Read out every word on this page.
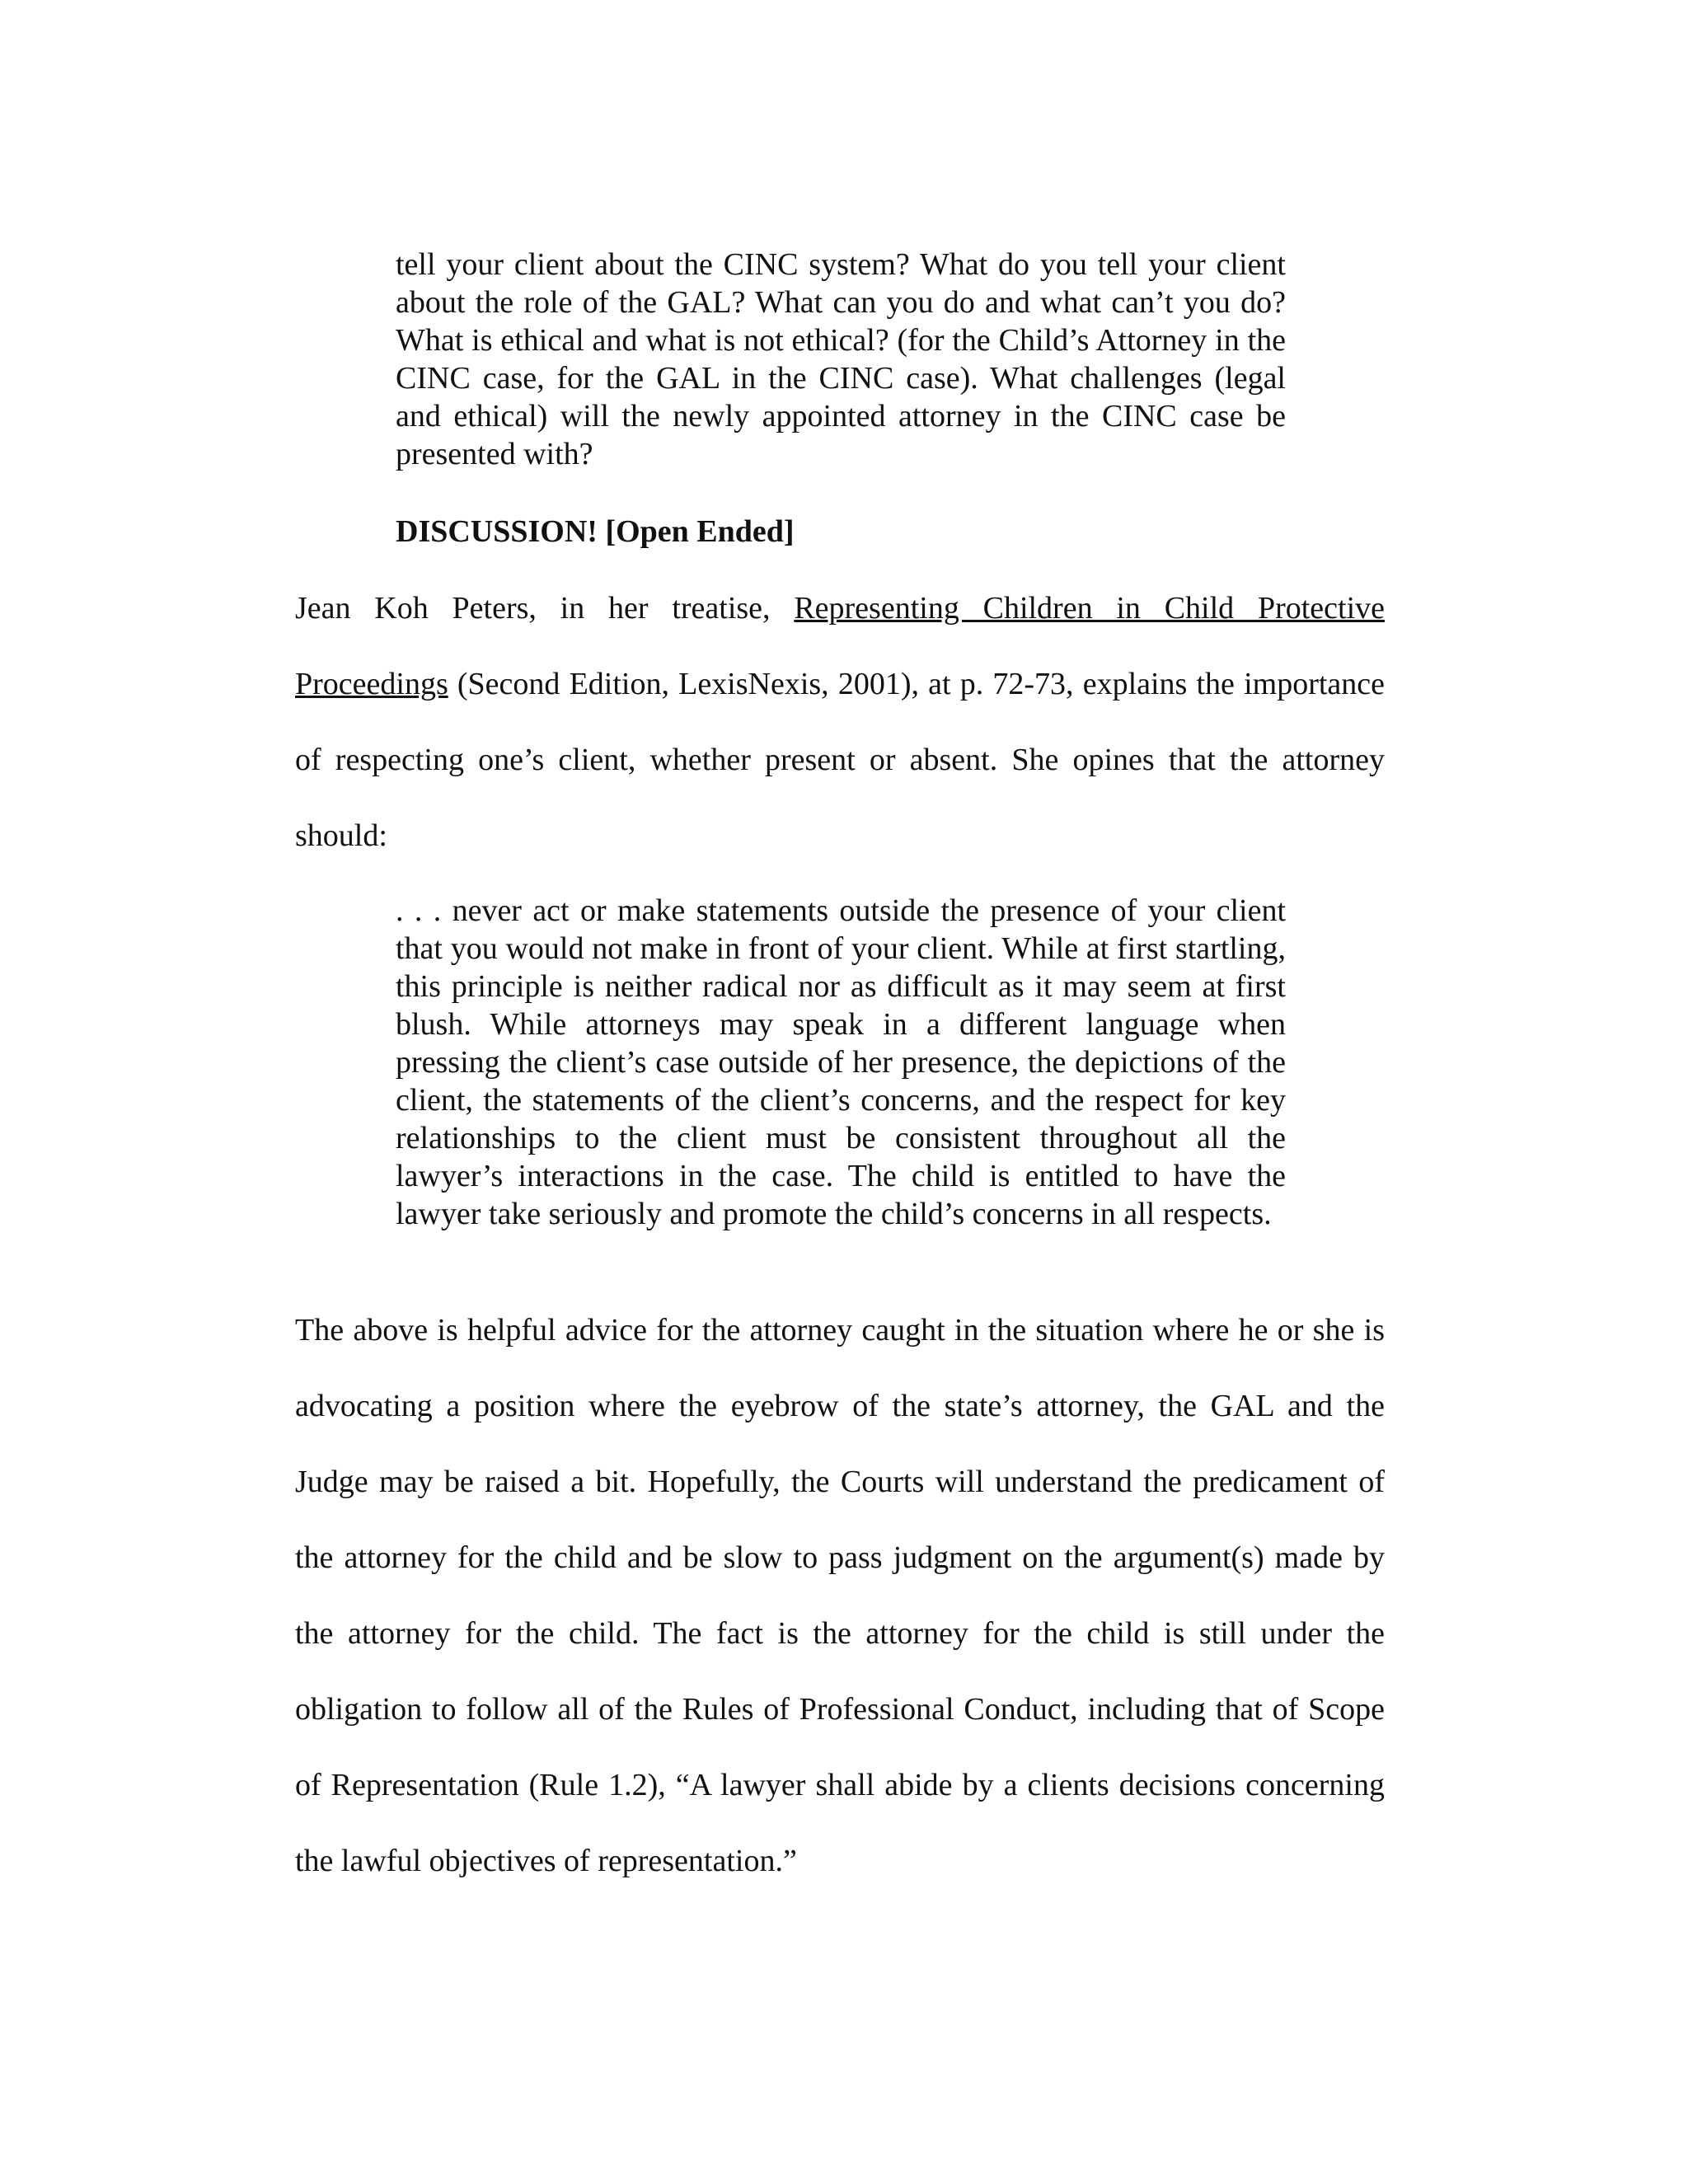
tell your client about the CINC system? What do you tell your client about the role of the GAL? What can you do and what can’t you do? What is ethical and what is not ethical? (for the Child’s Attorney in the CINC case, for the GAL in the CINC case). What challenges (legal and ethical) will the newly appointed attorney in the CINC case be presented with?
DISCUSSION! [Open Ended]
Jean Koh Peters, in her treatise, Representing Children in Child Protective Proceedings (Second Edition, LexisNexis, 2001), at p. 72-73, explains the importance of respecting one’s client, whether present or absent. She opines that the attorney should:
. . . never act or make statements outside the presence of your client that you would not make in front of your client. While at first startling, this principle is neither radical nor as difficult as it may seem at first blush. While attorneys may speak in a different language when pressing the client’s case outside of her presence, the depictions of the client, the statements of the client’s concerns, and the respect for key relationships to the client must be consistent throughout all the lawyer’s interactions in the case. The child is entitled to have the lawyer take seriously and promote the child’s concerns in all respects.
The above is helpful advice for the attorney caught in the situation where he or she is advocating a position where the eyebrow of the state’s attorney, the GAL and the Judge may be raised a bit. Hopefully, the Courts will understand the predicament of the attorney for the child and be slow to pass judgment on the argument(s) made by the attorney for the child. The fact is the attorney for the child is still under the obligation to follow all of the Rules of Professional Conduct, including that of Scope of Representation (Rule 1.2), “A lawyer shall abide by a clients decisions concerning the lawful objectives of representation.”
